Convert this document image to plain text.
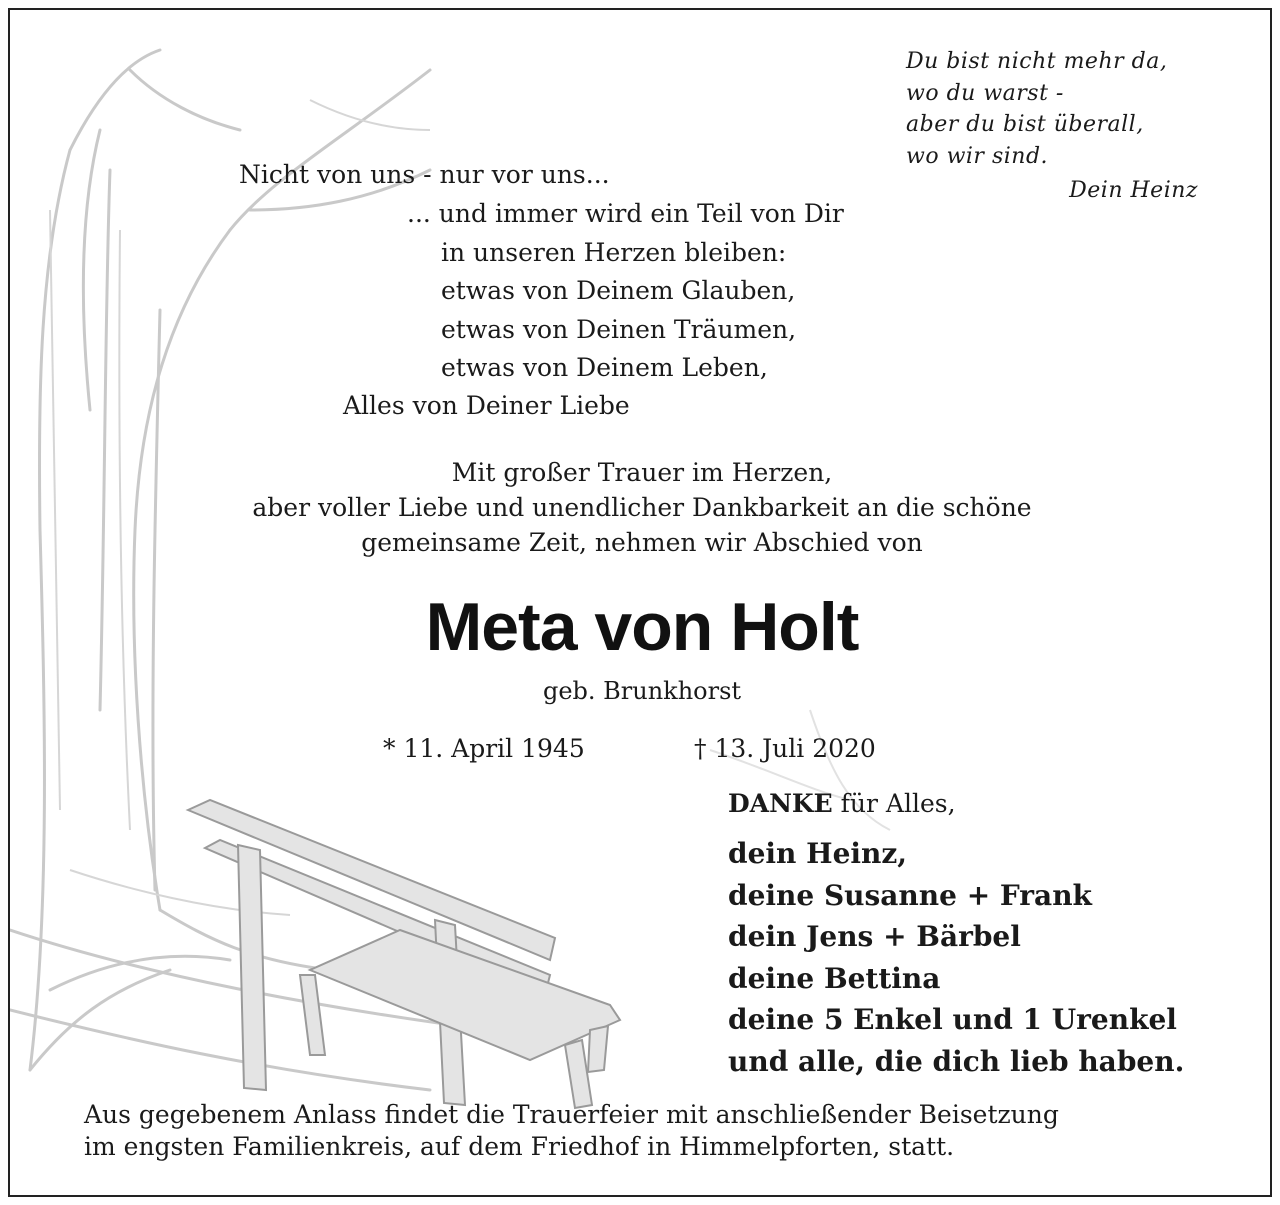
Du bist nicht mehr da,
wo du warst -
aber du bist überall,
wo wir sind.
Dein Heinz
Nicht von uns - nur vor uns...
... und immer wird ein Teil von Dir
in unseren Herzen bleiben:
etwas von Deinem Glauben,
etwas von Deinen Träumen,
etwas von Deinem Leben,
Alles von Deiner Liebe
Mit großer Trauer im Herzen,
aber voller Liebe und unendlicher Dankbarkeit an die schöne
gemeinsame Zeit, nehmen wir Abschied von
Meta von Holt
geb. Brunkhorst
* 11. April 1945	† 13. Juli 2020
DANKE für Alles,
dein Heinz,
deine Susanne + Frank
dein Jens + Bärbel
deine Bettina
deine 5 Enkel und 1 Urenkel
und alle, die dich lieb haben.
Aus gegebenem Anlass findet die Trauerfeier mit anschließender Beisetzung
im engsten Familienkreis, auf dem Friedhof in Himmelpforten, statt.
